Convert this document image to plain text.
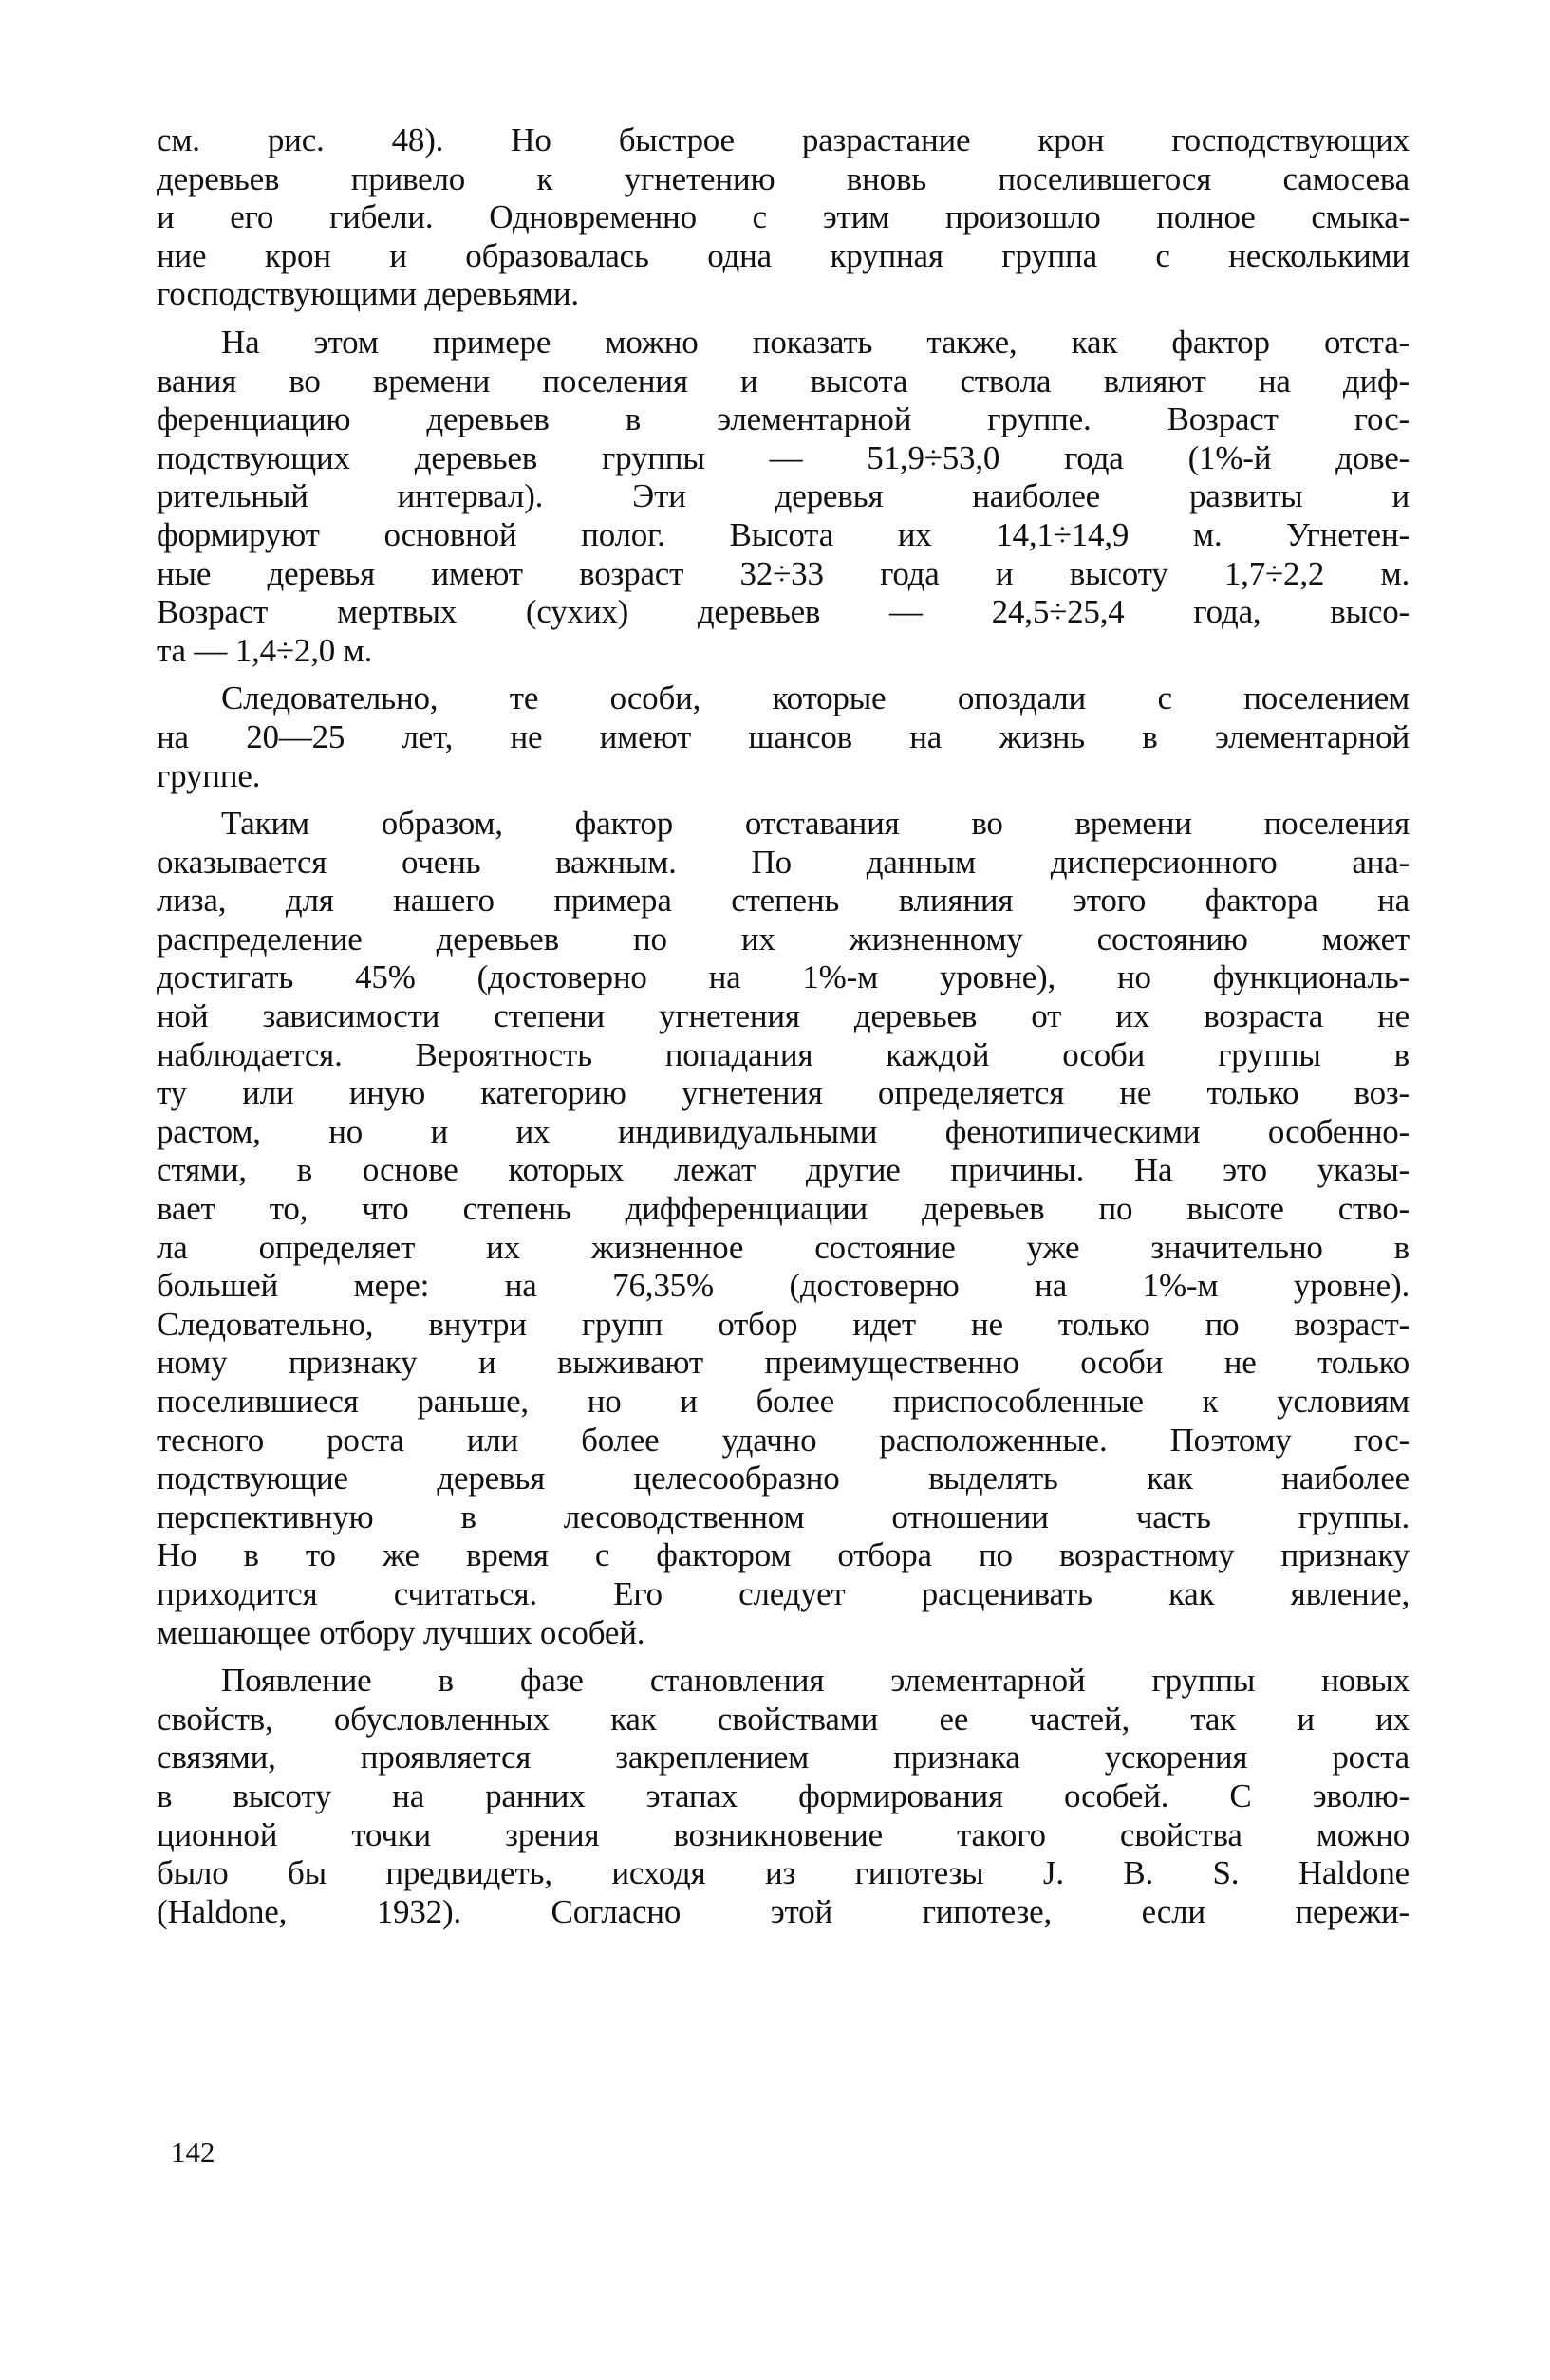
см. рис. 48). Но быстрое разрастание крон господствующих
деревьев привело к угнетению вновь поселившегося самосева
и его гибели. Одновременно с этим произошло полное смыка-
ние крон и образовалась одна крупная группа с несколькими
господствующими деревьями.
На этом примере можно показать также, как фактор отста-
вания во времени поселения и высота ствола влияют на диф-
ференциацию деревьев в элементарной группе. Возраст гос-
подствующих деревьев группы — 51,9÷53,0 года (1%-й дове-
рительный интервал). Эти деревья наиболее развиты и
формируют основной полог. Высота их 14,1÷14,9 м. Угнетен-
ные деревья имеют возраст 32÷33 года и высоту 1,7÷2,2 м.
Возраст мертвых (сухих) деревьев — 24,5÷25,4 года, высо-
та — 1,4÷2,0 м.
Следовательно, те особи, которые опоздали с поселением
на 20—25 лет, не имеют шансов на жизнь в элементарной
группе.
Таким образом, фактор отставания во времени поселения
оказывается очень важным. По данным дисперсионного ана-
лиза, для нашего примера степень влияния этого фактора на
распределение деревьев по их жизненному состоянию может
достигать 45% (достоверно на 1%-м уровне), но функциональ-
ной зависимости степени угнетения деревьев от их возраста не
наблюдается. Вероятность попадания каждой особи группы в
ту или иную категорию угнетения определяется не только воз-
растом, но и их индивидуальными фенотипическими особенно-
стями, в основе которых лежат другие причины. На это указы-
вает то, что степень дифференциации деревьев по высоте ство-
ла определяет их жизненное состояние уже значительно в
большей мере: на 76,35% (достоверно на 1%-м уровне).
Следовательно, внутри групп отбор идет не только по возраст-
ному признаку и выживают преимущественно особи не только
поселившиеся раньше, но и более приспособленные к условиям
тесного роста или более удачно расположенные. Поэтому гос-
подствующие деревья целесообразно выделять как наиболее
перспективную в лесоводственном отношении часть группы.
Но в то же время с фактором отбора по возрастному признаку
приходится считаться. Его следует расценивать как явление,
мешающее отбору лучших особей.
Появление в фазе становления элементарной группы новых
свойств, обусловленных как свойствами ее частей, так и их
связями, проявляется закреплением признака ускорения роста
в высоту на ранних этапах формирования особей. С эволю-
ционной точки зрения возникновение такого свойства можно
было бы предвидеть, исходя из гипотезы J. B. S. Haldone
(Haldone, 1932). Согласно этой гипотезе, если пережи-
142
